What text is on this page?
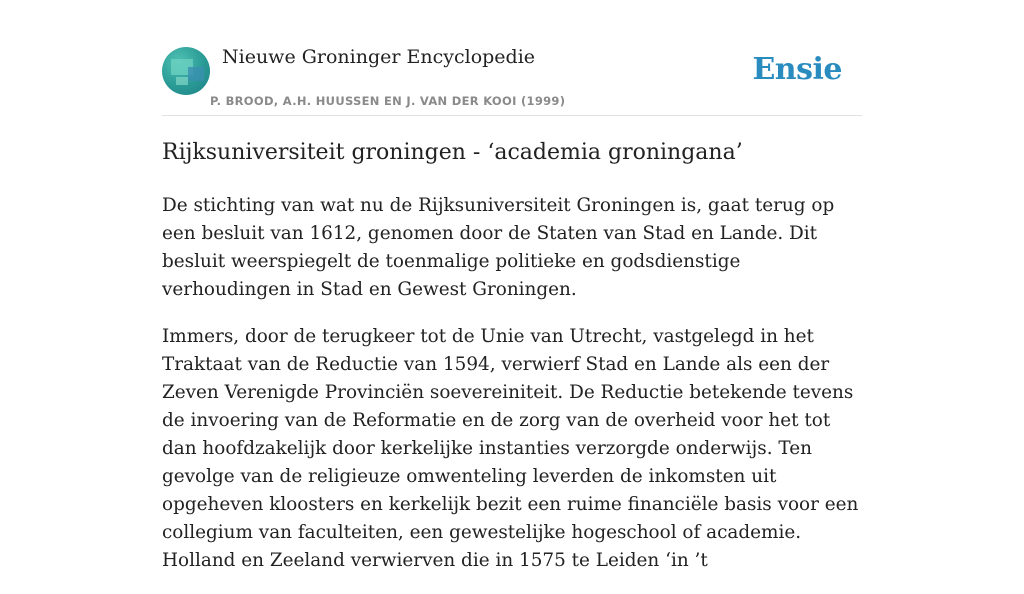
Nieuwe Groninger Encyclopedie
P. BROOD, A.H. HUUSSEN EN J. VAN DER KOOI (1999)
Ensie
Rijksuniversiteit groningen - ‘academia groningana’

De stichting van wat nu de Rijksuniversiteit Groningen is, gaat terug op een besluit van 1612, genomen door de Staten van Stad en Lande. Dit besluit weerspiegelt de toenmalige politieke en godsdienstige verhoudingen in Stad en Gewest Groningen.

Immers, door de terugkeer tot de Unie van Utrecht, vastgelegd in het Traktaat van de Reductie van 1594, verwierf Stad en Lande als een der Zeven Verenigde Provinciën soevereiniteit. De Reductie betekende tevens de invoering van de Reformatie en de zorg van de overheid voor het tot dan hoofdzakelijk door kerkelijke instanties verzorgde onderwijs. Ten gevolge van de religieuze omwenteling leverden de inkomsten uit opgeheven kloosters en kerkelijk bezit een ruime financiële basis voor een collegium van faculteiten, een gewestelijke hogeschool of academie. Holland en Zeeland verwierven die in 1575 te Leiden ‘in ’t
